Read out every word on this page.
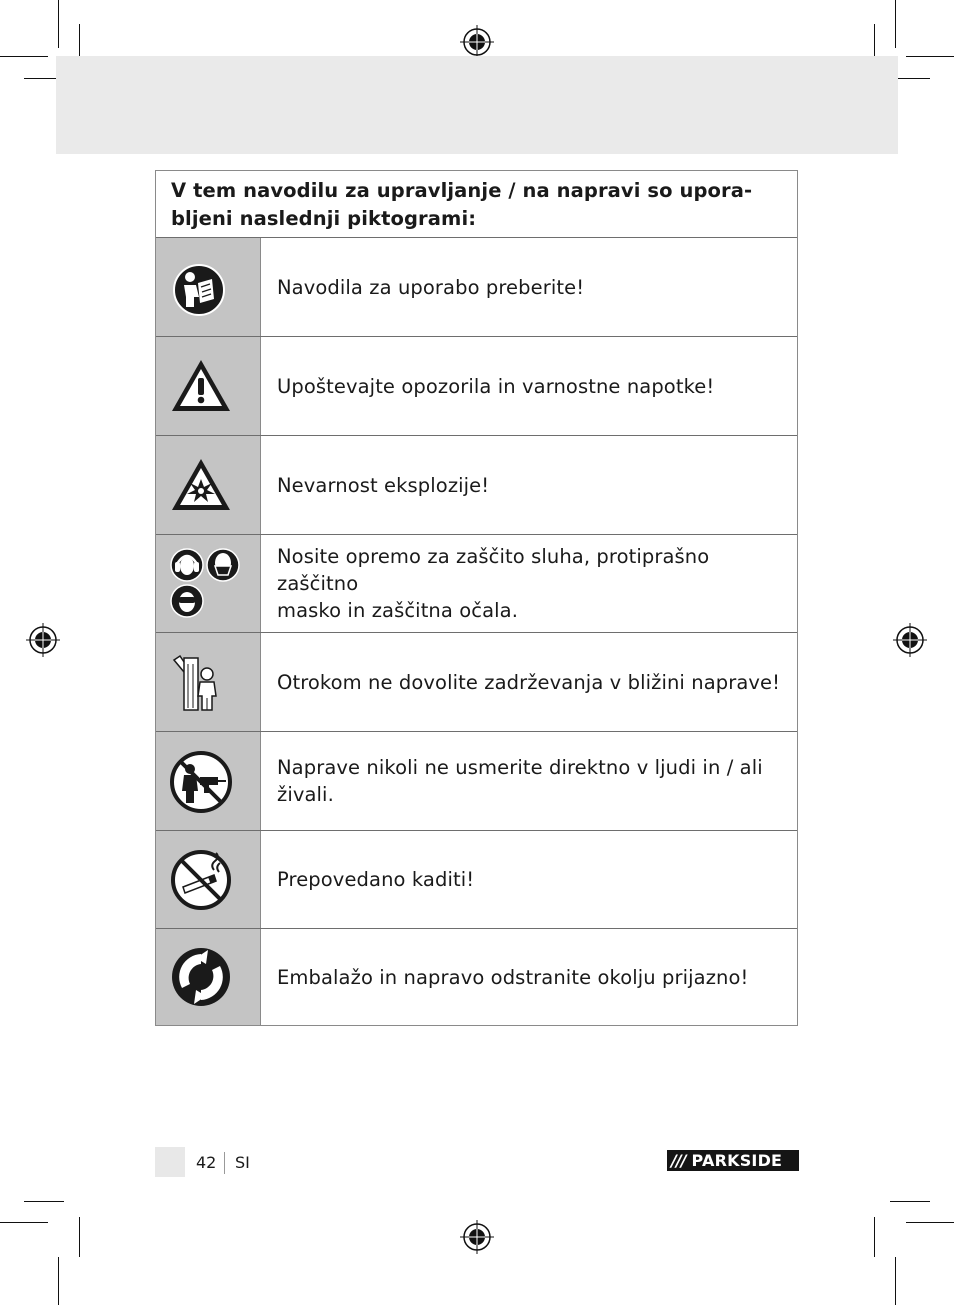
V tem navodilu za upravljanje / na napravi so upora-
bljeni naslednji piktogrami:
Navodila za uporabo preberite!
Upoštevajte opozorila in varnostne napotke!
Nevarnost eksplozije!
Nosite opremo za zaščito sluha, protiprašno zaščitno
masko in zaščitna očala.
Otrokom ne dovolite zadrževanja v bližini naprave!
Naprave nikoli ne usmerite direktno v ljudi in / ali živali.
Prepovedano kaditi!
Embalažo in napravo odstranite okolju prijazno!
42 SI	/// PARKSIDE
